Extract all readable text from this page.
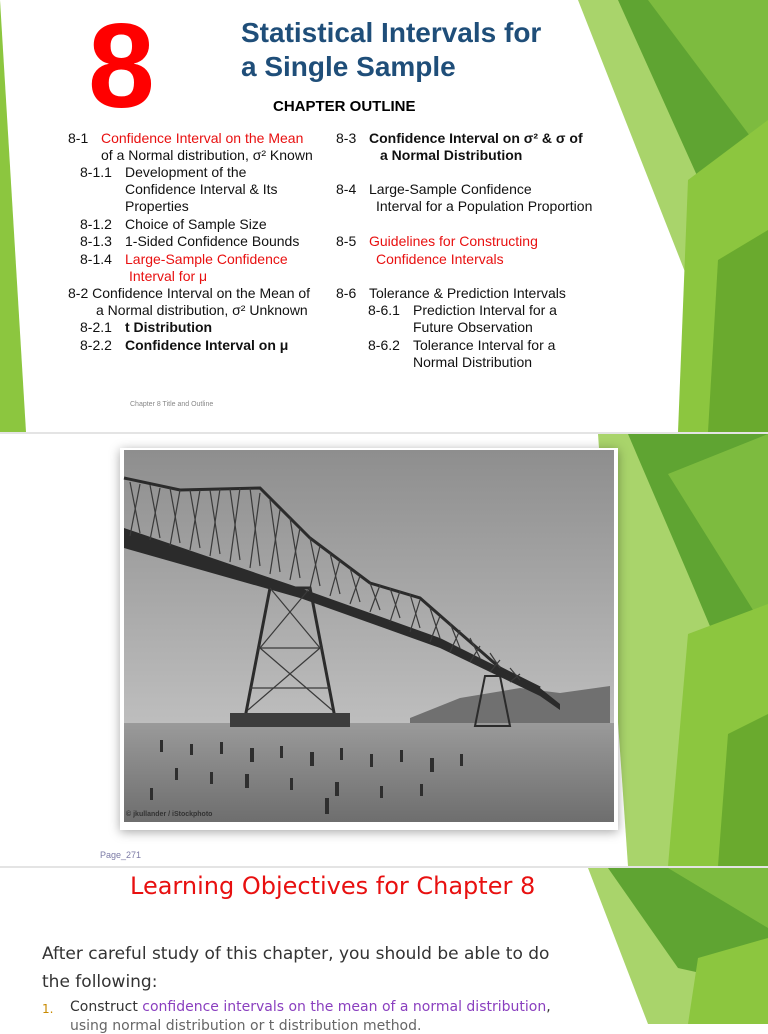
8	Statistical Intervals for
a Single Sample
CHAPTER OUTLINE
8-1 Confidence Interval on the Mean
of a Normal distribution, σ² Known
8-1.1 Development of the
Confidence Interval & Its
Properties
8-1.2 Choice of Sample Size
8-1.3 1-Sided Confidence Bounds
8-1.4 Large-Sample Confidence
Interval for μ
8-2 Confidence Interval on the Mean of
a Normal distribution, σ² Unknown
8-2.1 t Distribution
8-2.2 Confidence Interval on μ
8-3 Confidence Interval on σ² & σ of
a Normal Distribution
8-4 Large-Sample Confidence
Interval for a Population Proportion
8-5 Guidelines for Constructing
Confidence Intervals
8-6 Tolerance & Prediction Intervals
8-6.1 Prediction Interval for a
Future Observation
8-6.2 Tolerance Interval for a
Normal Distribution
Chapter 8 Title and Outline
© jkullander / iStockphoto
Page_271
Learning Objectives for Chapter 8
After careful study of this chapter, you should be able to do the following:
1. Construct confidence intervals on the mean of a normal distribution,
using normal distribution or t distribution method.
